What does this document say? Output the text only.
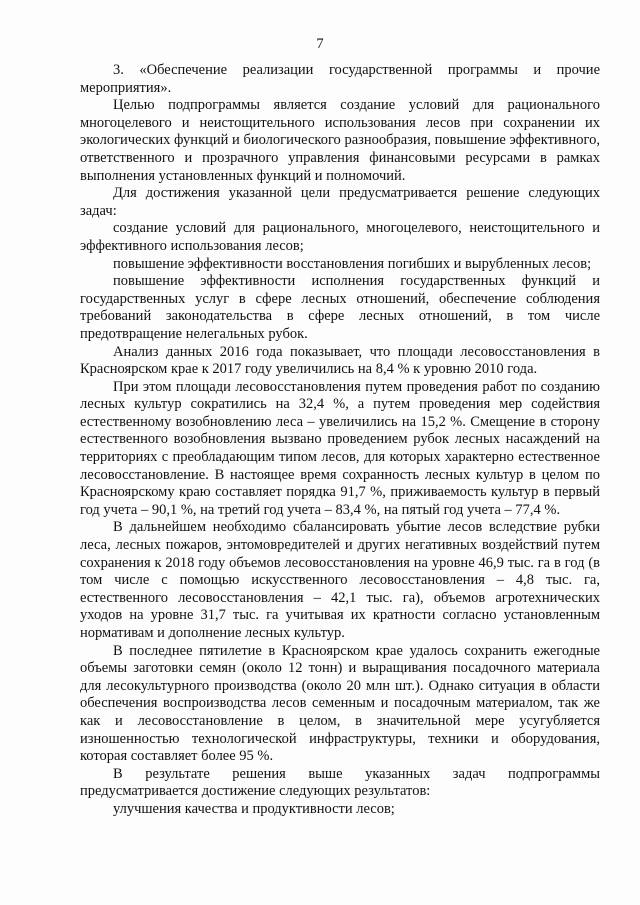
7

3. «Обеспечение реализации государственной программы и прочие мероприятия».

Целью подпрограммы является создание условий для рационального многоцелевого и неистощительного использования лесов при сохранении их экологических функций и биологического разнообразия, повышение эффективного, ответственного и прозрачного управления финансовыми ресурсами в рамках выполнения установленных функций и полномочий.

Для достижения указанной цели предусматривается решение следующих задач:

создание условий для рационального, многоцелевого, неистощительного и эффективного использования лесов;

повышение эффективности восстановления погибших и вырубленных лесов;

повышение эффективности исполнения государственных функций и государственных услуг в сфере лесных отношений, обеспечение соблюдения требований законодательства в сфере лесных отношений, в том числе предотвращение нелегальных рубок.

Анализ данных 2016 года показывает, что площади лесовосстановления в Красноярском крае к 2017 году увеличились на 8,4 % к уровню 2010 года.

При этом площади лесовосстановления путем проведения работ по созданию лесных культур сократились на 32,4 %, а путем проведения мер содействия естественному возобновлению леса – увеличились на 15,2 %. Смещение в сторону естественного возобновления вызвано проведением рубок лесных насаждений на территориях с преобладающим типом лесов, для которых характерно естественное лесовосстановление. В настоящее время сохранность лесных культур в целом по Красноярскому краю составляет порядка 91,7 %, приживаемость культур в первый год учета – 90,1 %, на третий год учета – 83,4 %, на пятый год учета – 77,4 %.

В дальнейшем необходимо сбалансировать убытие лесов вследствие рубки леса, лесных пожаров, энтомовредителей и других негативных воздействий путем сохранения к 2018 году объемов лесовосстановления на уровне 46,9 тыс. га в год (в том числе с помощью искусственного лесовосстановления – 4,8 тыс. га, естественного лесовосстановления – 42,1 тыс. га), объемов агротехнических уходов на уровне 31,7 тыс. га учитывая их кратности согласно установленным нормативам и дополнение лесных культур.

В последнее пятилетие в Красноярском крае удалось сохранить ежегодные объемы заготовки семян (около 12 тонн) и выращивания посадочного материала для лесокультурного производства (около 20 млн шт.). Однако ситуация в области обеспечения воспроизводства лесов семенным и посадочным материалом, так же как и лесовосстановление в целом, в значительной мере усугубляется изношенностью технологической инфраструктуры, техники и оборудования, которая составляет более 95 %.

В результате решения выше указанных задач подпрограммы предусматривается достижение следующих результатов:

улучшения качества и продуктивности лесов;
